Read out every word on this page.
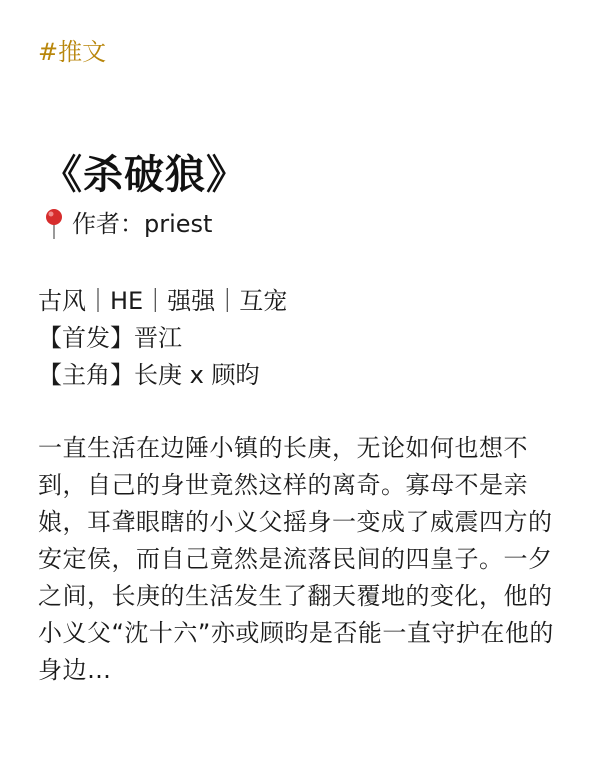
#推文
《杀破狼》
作者： priest
古风｜HE｜强强｜互宠
【首发】晋江
【主角】长庚 x 顾昀
一直生活在边陲小镇的长庚，无论如何也想不到，自己的身世竟然这样的离奇。寡母不是亲娘，耳聋眼瞎的小义父摇身一变成了威震四方的安定侯，而自己竟然是流落民间的四皇子。一夕之间，长庚的生活发生了翻天覆地的变化，他的小义父“沈十六”亦或顾昀是否能一直守护在他的身边…
